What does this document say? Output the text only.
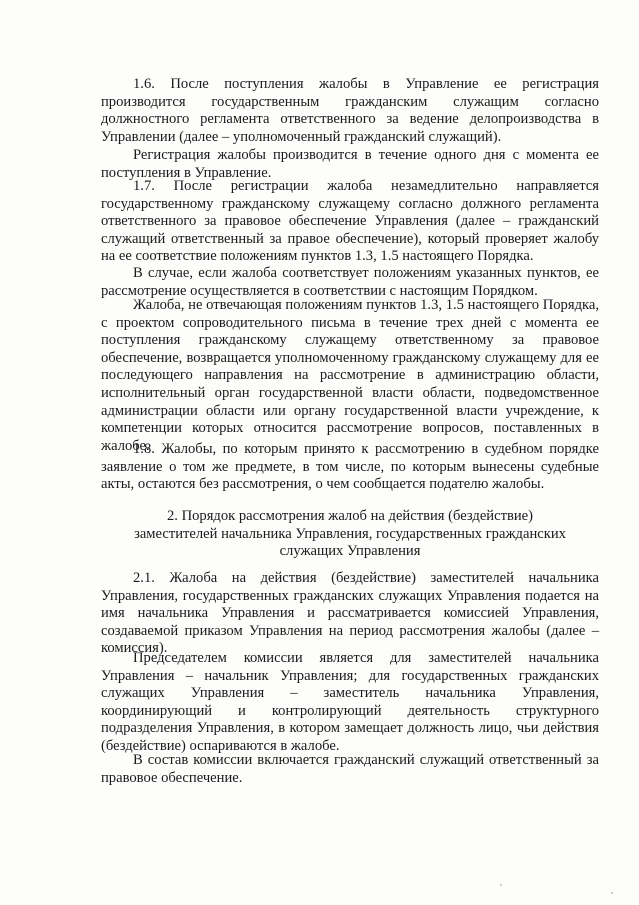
1.6. После поступления жалобы в Управление ее регистрация производится государственным гражданским служащим согласно должностного регламента ответственного за ведение делопроизводства в Управлении (далее – уполномоченный гражданский служащий).

Регистрация жалобы производится в течение одного дня с момента ее поступления в Управление.

1.7. После регистрации жалоба незамедлительно направляется государственному гражданскому служащему согласно должного регламента ответственного за правовое обеспечение Управления (далее – гражданский служащий ответственный за правое обеспечение), который проверяет жалобу на ее соответствие положениям пунктов 1.3, 1.5 настоящего Порядка.

В случае, если жалоба соответствует положениям указанных пунктов, ее рассмотрение осуществляется в соответствии с настоящим Порядком.

Жалоба, не отвечающая положениям пунктов 1.3, 1.5 настоящего Порядка, с проектом сопроводительного письма в течение трех дней с момента ее поступления гражданскому служащему ответственному за правовое обеспечение, возвращается уполномоченному гражданскому служащему для ее последующего направления на рассмотрение в администрацию области, исполнительный орган государственной власти области, подведомственное администрации области или органу государственной власти учреждение, к компетенции которых относится рассмотрение вопросов, поставленных в жалобе.

1.8. Жалобы, по которым принято к рассмотрению в судебном порядке заявление о том же предмете, в том числе, по которым вынесены судебные акты, остаются без рассмотрения, о чем сообщается подателю жалобы.

2. Порядок рассмотрения жалоб на действия (бездействие)
заместителей начальника Управления, государственных гражданских
служащих Управления

2.1. Жалоба на действия (бездействие) заместителей начальника Управления, государственных гражданских служащих Управления подается на имя начальника Управления и рассматривается комиссией Управления, создаваемой приказом Управления на период рассмотрения жалобы (далее – комиссия).

Председателем комиссии является для заместителей начальника Управления – начальник Управления; для государственных гражданских служащих Управления – заместитель начальника Управления, координирующий и контролирующий деятельность структурного подразделения Управления, в котором замещает должность лицо, чьи действия (бездействие) оспариваются в жалобе.

В состав комиссии включается гражданский служащий ответственный за правовое обеспечение.
